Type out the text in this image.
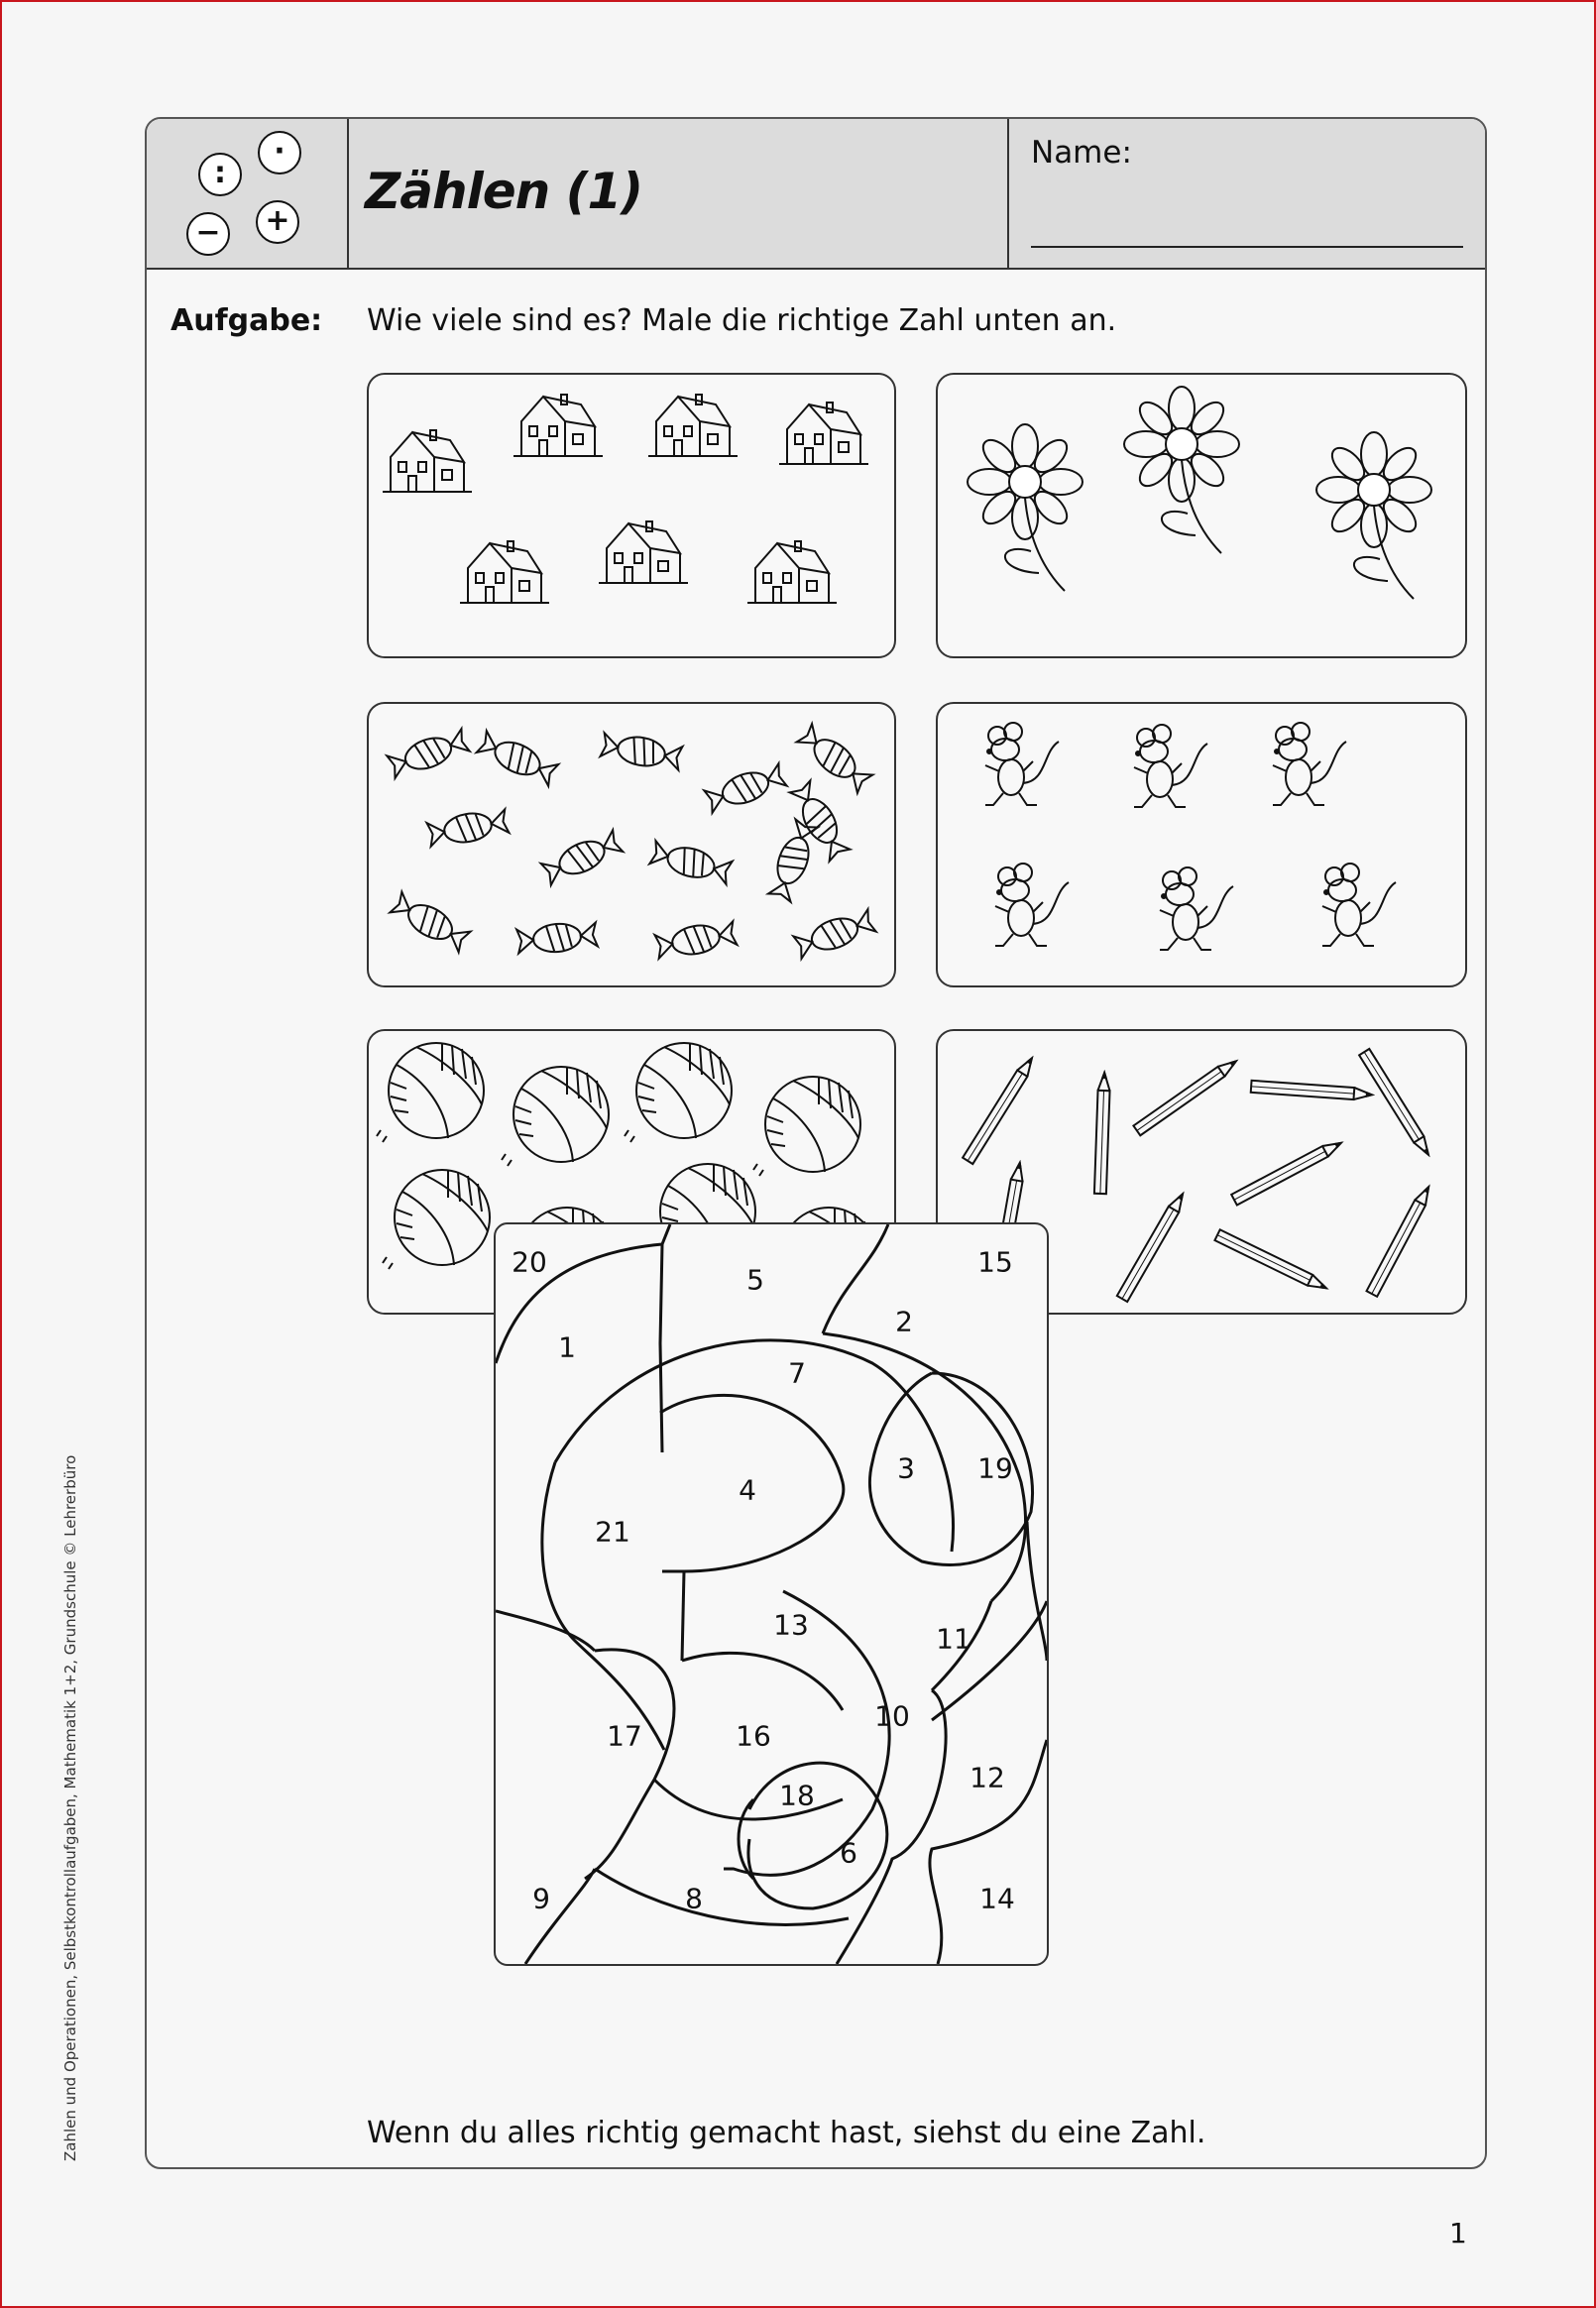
·
:
−	+
Zählen (1)
Name:
Aufgabe: Wie viele sind es? Male die richtige Zahl unten an.
Wenn du alles richtig gemacht hast, siehst du eine Zahl.
20
5
15
1
2
7
4
3 19
21
13	11
17	16
10
18
12
6
9	8	14
Zahlen und Operationen, Selbstkontrollaufgaben, Mathematik 1+2, Grundschule © Lehrerbüro
1
